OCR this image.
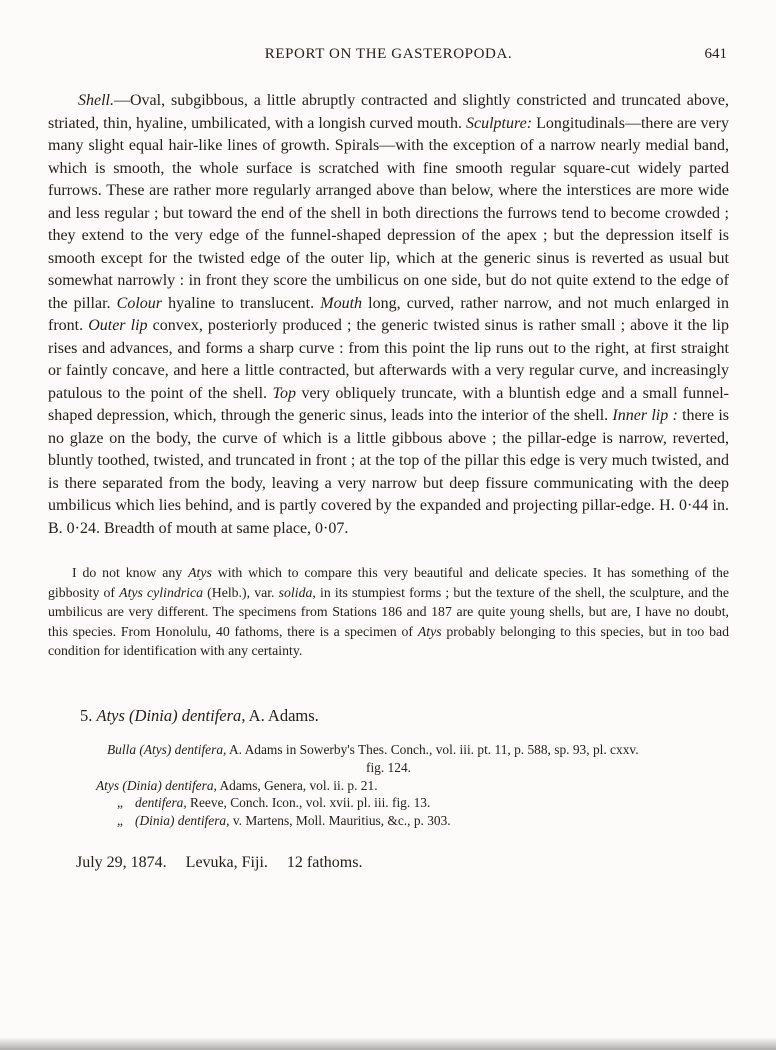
REPORT ON THE GASTEROPODA.	641

Shell.—Oval, subgibbous, a little abruptly contracted and slightly constricted and truncated above, striated, thin, hyaline, umbilicated, with a longish curved mouth. Sculpture: Longitudinals—there are very many slight equal hair-like lines of growth. Spirals—with the exception of a narrow nearly medial band, which is smooth, the whole surface is scratched with fine smooth regular square-cut widely parted furrows. These are rather more regularly arranged above than below, where the interstices are more wide and less regular ; but toward the end of the shell in both directions the furrows tend to become crowded ; they extend to the very edge of the funnel-shaped depression of the apex ; but the depression itself is smooth except for the twisted edge of the outer lip, which at the generic sinus is reverted as usual but somewhat narrowly : in front they score the umbilicus on one side, but do not quite extend to the edge of the pillar. Colour hyaline to translucent. Mouth long, curved, rather narrow, and not much enlarged in front. Outer lip convex, posteriorly produced ; the generic twisted sinus is rather small ; above it the lip rises and advances, and forms a sharp curve : from this point the lip runs out to the right, at first straight or faintly concave, and here a little contracted, but afterwards with a very regular curve, and increasingly patulous to the point of the shell. Top very obliquely truncate, with a bluntish edge and a small funnel-shaped depression, which, through the generic sinus, leads into the interior of the shell. Inner lip : there is no glaze on the body, the curve of which is a little gibbous above ; the pillar-edge is narrow, reverted, bluntly toothed, twisted, and truncated in front ; at the top of the pillar this edge is very much twisted, and is there separated from the body, leaving a very narrow but deep fissure communicating with the deep umbilicus which lies behind, and is partly covered by the expanded and projecting pillar-edge. H. 0·44 in. B. 0·24. Breadth of mouth at same place, 0·07.

I do not know any Atys with which to compare this very beautiful and delicate species. It has something of the gibbosity of Atys cylindrica (Helb.), var. solida, in its stumpiest forms ; but the texture of the shell, the sculpture, and the umbilicus are very different. The specimens from Stations 186 and 187 are quite young shells, but are, I have no doubt, this species. From Honolulu, 40 fathoms, there is a specimen of Atys probably belonging to this species, but in too bad condition for identification with any certainty.

5. Atys (Dinia) dentifera, A. Adams.
Bulla (Atys) dentifera, A. Adams in Sowerby's Thes. Conch., vol. iii. pt. 11, p. 588, sp. 93, pl. cxxv.
fig. 124.
Atys (Dinia) dentifera, Adams, Genera, vol. ii. p. 21.
„ dentifera, Reeve, Conch. Icon., vol. xvii. pl. iii. fig. 13.
„ (Dinia) dentifera, v. Martens, Moll. Mauritius, &c., p. 303.

July 29, 1874. Levuka, Fiji. 12 fathoms.
